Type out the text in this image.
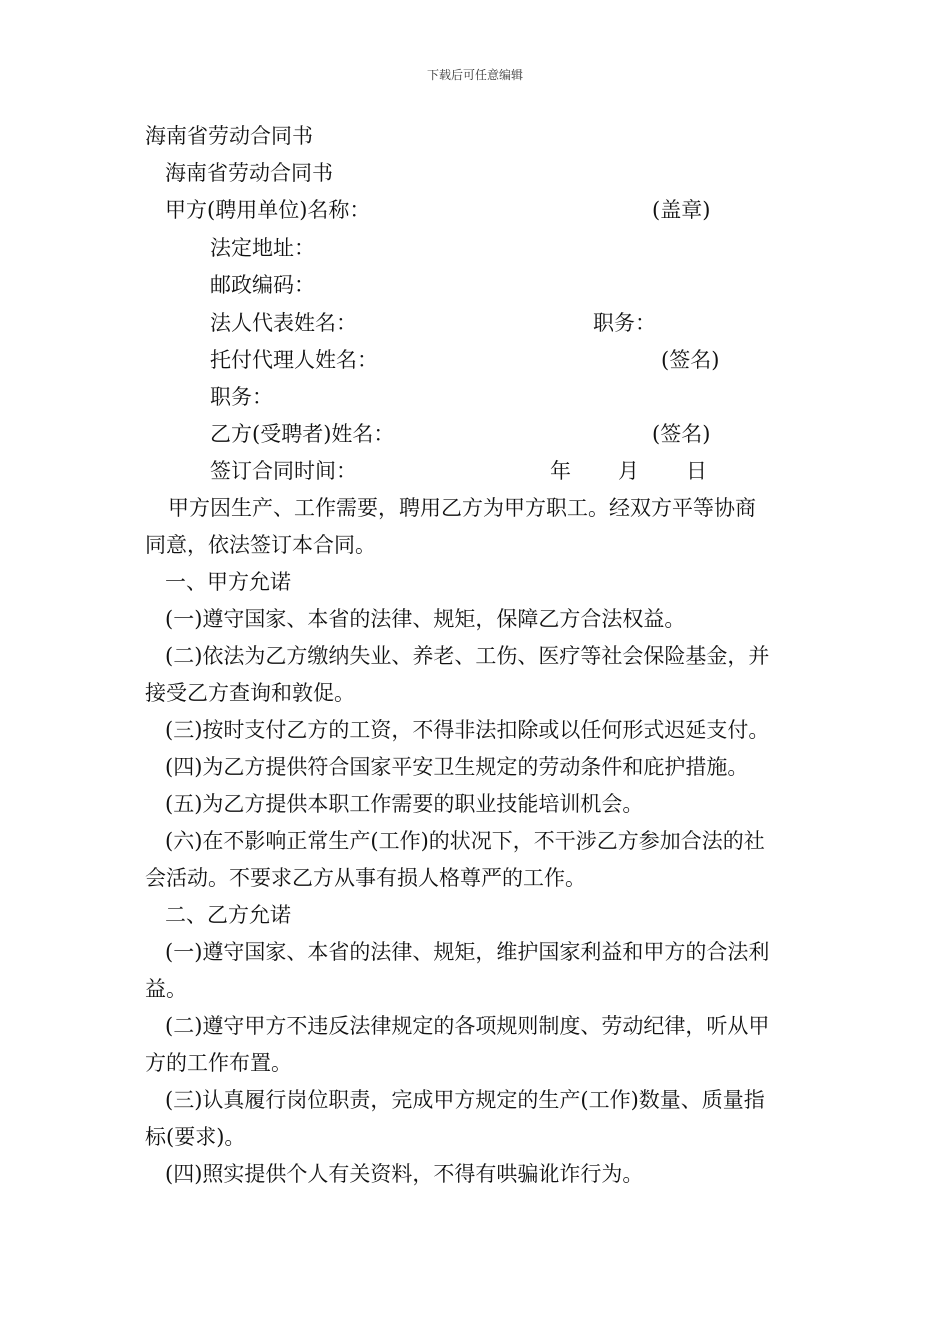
下载后可任意编辑
海南省劳动合同书
海南省劳动合同书
甲方(聘用单位)名称：	(盖章)
法定地址：
邮政编码：
法人代表姓名：	职务：
托付代理人姓名：	(签名)
职务：
乙方(受聘者)姓名：	(签名)
签订合同时间：	年 月 日
甲方因生产、工作需要，聘用乙方为甲方职工。经双方平等协商
同意，依法签订本合同。
一、甲方允诺
(一)遵守国家、本省的法律、规矩，保障乙方合法权益。
(二)依法为乙方缴纳失业、养老、工伤、医疗等社会保险基金，并
接受乙方查询和敦促。
(三)按时支付乙方的工资，不得非法扣除或以任何形式迟延支付。
(四)为乙方提供符合国家平安卫生规定的劳动条件和庇护措施。
(五)为乙方提供本职工作需要的职业技能培训机会。
(六)在不影响正常生产(工作)的状况下，不干涉乙方参加合法的社
会活动。不要求乙方从事有损人格尊严的工作。
二、乙方允诺
(一)遵守国家、本省的法律、规矩，维护国家利益和甲方的合法利
益。
(二)遵守甲方不违反法律规定的各项规则制度、劳动纪律，听从甲
方的工作布置。
(三)认真履行岗位职责，完成甲方规定的生产(工作)数量、质量指
标(要求)。
(四)照实提供个人有关资料，不得有哄骗讹诈行为。
